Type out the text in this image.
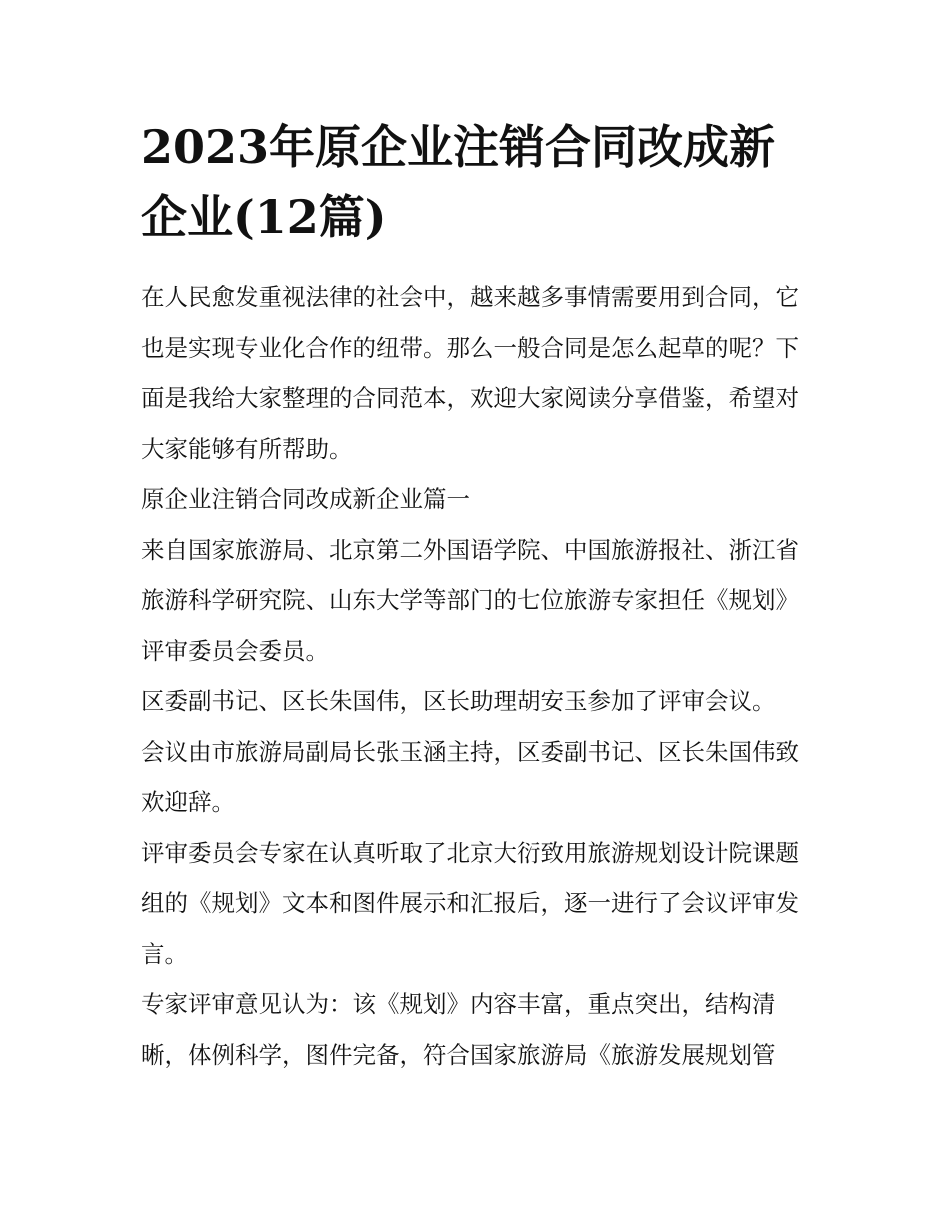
2023年原企业注销合同改成新企业(12篇)

在人民愈发重视法律的社会中，越来越多事情需要用到合同，它也是实现专业化合作的纽带。那么一般合同是怎么起草的呢？下面是我给大家整理的合同范本，欢迎大家阅读分享借鉴，希望对大家能够有所帮助。

原企业注销合同改成新企业篇一

来自国家旅游局、北京第二外国语学院、中国旅游报社、浙江省旅游科学研究院、山东大学等部门的七位旅游专家担任《规划》评审委员会委员。

区委副书记、区长朱国伟，区长助理胡安玉参加了评审会议。

会议由市旅游局副局长张玉涵主持，区委副书记、区长朱国伟致欢迎辞。

评审委员会专家在认真听取了北京大衍致用旅游规划设计院课题组的《规划》文本和图件展示和汇报后，逐一进行了会议评审发言。

专家评审意见认为：该《规划》内容丰富，重点突出，结构清晰，体例科学，图件完备，符合国家旅游局《旅游发展规划管
